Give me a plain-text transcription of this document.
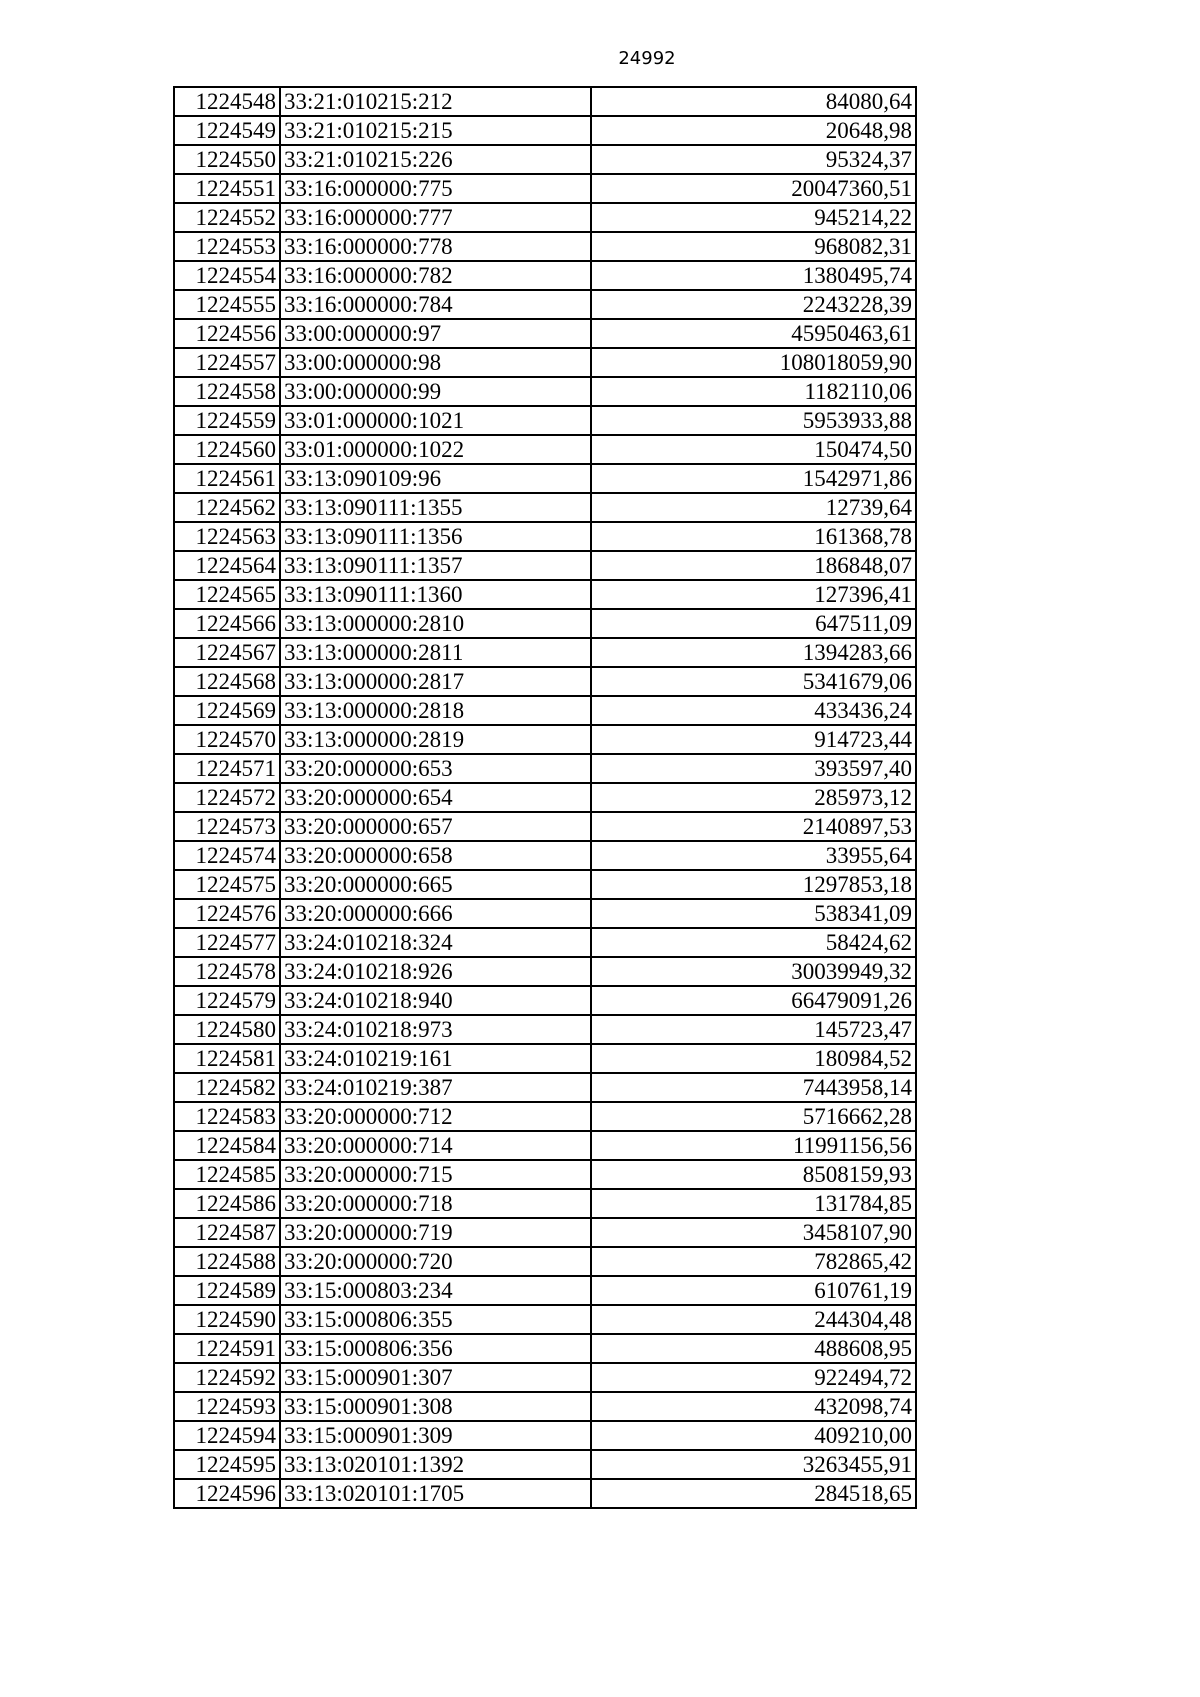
24992
1224548	33:21:010215:212	84080,64
1224549	33:21:010215:215	20648,98
1224550	33:21:010215:226	95324,37
1224551	33:16:000000:775	20047360,51
1224552	33:16:000000:777	945214,22
1224553	33:16:000000:778	968082,31
1224554	33:16:000000:782	1380495,74
1224555	33:16:000000:784	2243228,39
1224556	33:00:000000:97	45950463,61
1224557	33:00:000000:98	108018059,90
1224558	33:00:000000:99	1182110,06
1224559	33:01:000000:1021	5953933,88
1224560	33:01:000000:1022	150474,50
1224561	33:13:090109:96	1542971,86
1224562	33:13:090111:1355	12739,64
1224563	33:13:090111:1356	161368,78
1224564	33:13:090111:1357	186848,07
1224565	33:13:090111:1360	127396,41
1224566	33:13:000000:2810	647511,09
1224567	33:13:000000:2811	1394283,66
1224568	33:13:000000:2817	5341679,06
1224569	33:13:000000:2818	433436,24
1224570	33:13:000000:2819	914723,44
1224571	33:20:000000:653	393597,40
1224572	33:20:000000:654	285973,12
1224573	33:20:000000:657	2140897,53
1224574	33:20:000000:658	33955,64
1224575	33:20:000000:665	1297853,18
1224576	33:20:000000:666	538341,09
1224577	33:24:010218:324	58424,62
1224578	33:24:010218:926	30039949,32
1224579	33:24:010218:940	66479091,26
1224580	33:24:010218:973	145723,47
1224581	33:24:010219:161	180984,52
1224582	33:24:010219:387	7443958,14
1224583	33:20:000000:712	5716662,28
1224584	33:20:000000:714	11991156,56
1224585	33:20:000000:715	8508159,93
1224586	33:20:000000:718	131784,85
1224587	33:20:000000:719	3458107,90
1224588	33:20:000000:720	782865,42
1224589	33:15:000803:234	610761,19
1224590	33:15:000806:355	244304,48
1224591	33:15:000806:356	488608,95
1224592	33:15:000901:307	922494,72
1224593	33:15:000901:308	432098,74
1224594	33:15:000901:309	409210,00
1224595	33:13:020101:1392	3263455,91
1224596	33:13:020101:1705	284518,65
